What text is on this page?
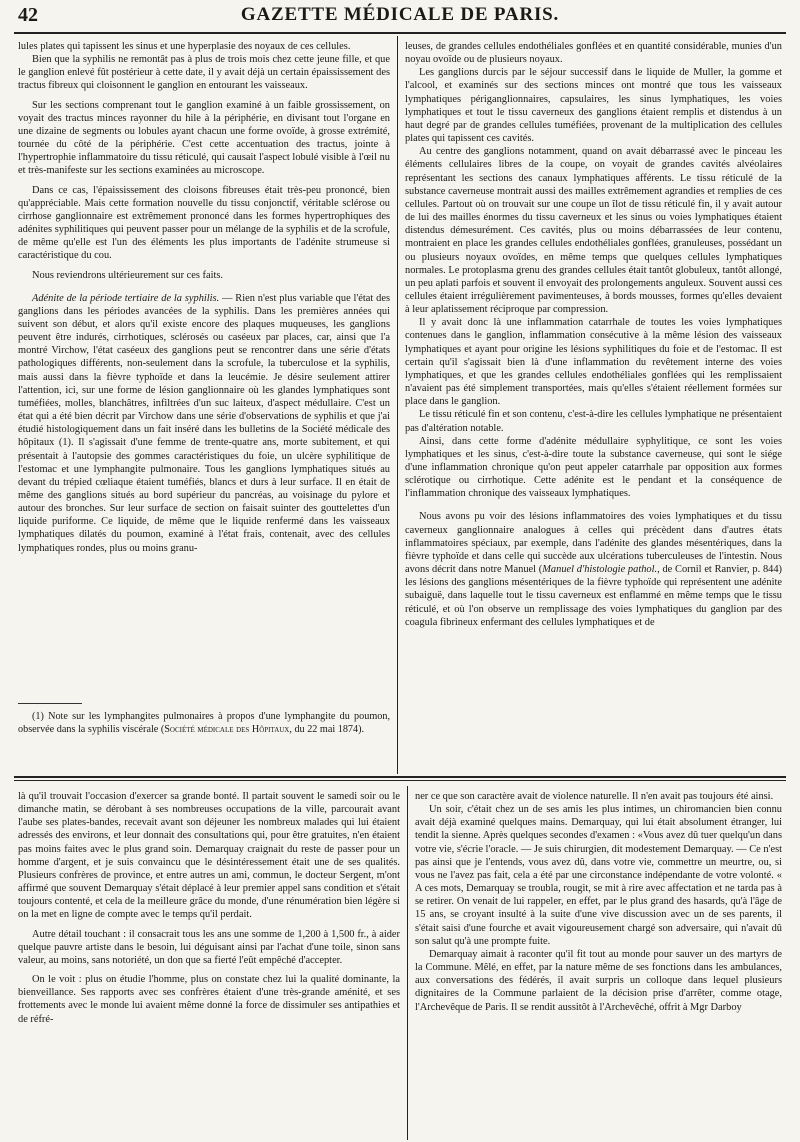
42	GAZETTE MÉDICALE DE PARIS.

lules plates qui tapissent les sinus et une hyperplasie des noyaux de ces cellules.

Bien que la syphilis ne remontât pas à plus de trois mois chez cette jeune fille, et que le ganglion enlevé fût postérieur à cette date, il y avait déjà un certain épaississement des tractus fibreux qui cloisonnent le ganglion en entourant les vaisseaux.

Sur les sections comprenant tout le ganglion examiné à un faible grossissement, on voyait des tractus minces rayonner du hile à la périphérie, en divisant tout l'organe en une dizaine de segments ou lobules ayant chacun une forme ovoïde, à grosse extrémité, tournée du côté de la périphérie. C'est cette accentuation des tractus, jointe à l'hypertrophie inflammatoire du tissu réticulé, qui causait l'aspect lobulé visible à l'œil nu et très-manifeste sur les sections examinées au microscope.

Dans ce cas, l'épaississement des cloisons fibreuses était très-peu prononcé, bien qu'appréciable. Mais cette formation nouvelle du tissu conjonctif, véritable sclérose ou cirrhose ganglionnaire est extrêmement prononcé dans les formes hypertrophiques des adénites syphilitiques qui peuvent passer pour un mélange de la syphilis et de la scrofule, de même qu'elle est l'un des éléments les plus importants de l'adénite strumeuse si caractéristique du cou.

Nous reviendrons ultérieurement sur ces faits.

Adénite de la période tertiaire de la syphilis. — Rien n'est plus variable que l'état des ganglions dans les périodes avancées de la syphilis. Dans les premières années qui suivent son début, et alors qu'il existe encore des plaques muqueuses, les ganglions peuvent être indurés, cirrhotiques, sclérosés ou caséeux par places, car, ainsi que l'a montré Virchow, l'état caséeux des ganglions peut se rencontrer dans une série d'états pathologiques différents, non-seulement dans la scrofule, la tuberculose et la syphilis, mais aussi dans la fièvre typhoïde et dans la leucémie. Je désire seulement attirer l'attention, ici, sur une forme de lésion ganglionnaire où les glandes lymphatiques sont tuméfiées, molles, blanchâtres, infiltrées d'un suc laiteux, d'aspect médullaire. C'est un état qui a été bien décrit par Virchow dans une série d'observations de syphilis et que j'ai étudié histologiquement dans un fait inséré dans les bulletins de la Société médicale des hôpitaux (1). Il s'agissait d'une femme de trente-quatre ans, morte subitement, et qui présentait à l'autopsie des gommes caractéristiques du foie, un ulcère syphilitique de l'estomac et une lymphangite pulmonaire. Tous les ganglions lymphatiques situés au devant du trépied cœliaque étaient tuméfiés, blancs et durs à leur surface. Il en était de même des ganglions situés au bord supérieur du pancréas, au voisinage du pylore et autour des bronches. Sur leur surface de section on faisait suinter des gouttelettes d'un liquide puriforme. Ce liquide, de même que le liquide renfermé dans les vaisseaux lymphatiques dilatés du poumon, examiné à l'état frais, contenait, avec des cellules lymphatiques rondes, plus ou moins granu-

(1) Note sur les lymphangites pulmonaires à propos d'une lymphangite du poumon, observée dans la syphilis viscérale (Société médicale des Hôpitaux, du 22 mai 1874).

leuses, de grandes cellules endothéliales gonflées et en quantité considérable, munies d'un noyau ovoïde ou de plusieurs noyaux.

Les ganglions durcis par le séjour successif dans le liquide de Muller, la gomme et l'alcool, et examinés sur des sections minces ont montré que tous les vaisseaux lymphatiques périganglionnaires, capsulaires, les sinus lymphatiques, les voies lymphatiques et tout le tissu caverneux des ganglions étaient remplis et distendus à un haut degré par de grandes cellules tuméfiées, provenant de la multiplication des cellules plates qui tapissent ces cavités.

Au centre des ganglions notamment, quand on avait débarrassé avec le pinceau les éléments cellulaires libres de la coupe, on voyait de grandes cavités alvéolaires représentant les sections des canaux lymphatiques afférents. Le tissu réticulé de la substance caverneuse montrait aussi des mailles extrêmement agrandies et remplies de ces cellules. Partout où on trouvait sur une coupe un îlot de tissu réticulé fin, il y avait autour de lui des mailles énormes du tissu caverneux et les sinus ou voies lymphatiques étaient distendus démesurément. Ces cavités, plus ou moins débarrassées de leur contenu, montraient en place les grandes cellules endothéliales gonflées, granuleuses, possédant un ou plusieurs noyaux ovoïdes, en même temps que quelques cellules lymphatiques normales. Le protoplasma grenu des grandes cellules était tantôt globuleux, tantôt allongé, un peu aplati parfois et souvent il envoyait des prolongements anguleux. Souvent aussi ces cellules étaient irrégulièrement pavimenteuses, à bords mousses, formes qu'elles devaient à leur aplatissement réciproque par compression.

Il y avait donc là une inflammation catarrhale de toutes les voies lymphatiques contenues dans le ganglion, inflammation consécutive à la même lésion des vaisseaux lymphatiques et ayant pour origine les lésions syphilitiques du foie et de l'estomac. Il est certain qu'il s'agissait bien là d'une inflammation du revêtement interne des voies lymphatiques, et que les grandes cellules endothéliales gonflées qui les remplissaient n'avaient pas été simplement transportées, mais qu'elles s'étaient réellement formées sur place dans le ganglion.

Le tissu réticulé fin et son contenu, c'est-à-dire les cellules lymphatique ne présentaient pas d'altération notable.

Ainsi, dans cette forme d'adénite médullaire syphylitique, ce sont les voies lymphatiques et les sinus, c'est-à-dire toute la substance caverneuse, qui sont le siége d'une inflammation chronique qu'on peut appeler catarrhale par opposition aux formes sclérotique ou cirrhotique. Cette adénite est le pendant et la conséquence de l'inflammation chronique des vaisseaux lymphatiques.

Nous avons pu voir des lésions inflammatoires des voies lymphatiques et du tissu caverneux ganglionnaire analogues à celles qui précèdent dans d'autres états inflammatoires spéciaux, par exemple, dans l'adénite des glandes mésentériques, dans la fièvre typhoïde et dans celle qui succède aux ulcérations tuberculeuses de l'intestin. Nous avons décrit dans notre Manuel (Manuel d'histologie pathol., de Cornil et Ranvier, p. 844) les lésions des ganglions mésentériques de la fièvre typhoïde qui représentent une adénite subaiguë, dans laquelle tout le tissu caverneux est enflammé en même temps que le tissu réticulé, et où l'on observe un remplissage des voies lymphatiques du ganglion par des coagula fibrineux enfermant des cellules lymphatiques et de

là qu'il trouvait l'occasion d'exercer sa grande bonté. Il partait souvent le samedi soir ou le dimanche matin, se dérobant à ses nombreuses occupations de la ville, parcourait avant l'aube ses plates-bandes, recevait avant son déjeuner les nombreux malades qui lui étaient adressés des environs, et leur donnait des consultations qui, pour être gratuites, n'en étaient pas moins faites avec le plus grand soin. Demarquay craignait du reste de passer pour un homme d'argent, et je suis convaincu que le désintéressement était une de ses qualités. Plusieurs confrères de province, et entre autres un ami, commun, le docteur Sergent, m'ont affirmé que souvent Demarquay s'était déplacé à leur premier appel sans condition et s'était toujours contenté, et cela de la meilleure grâce du monde, d'une rénumération bien légère si on la met en ligne de compte avec le temps qu'il perdait.

Autre détail touchant : il consacrait tous les ans une somme de 1,200 à 1,500 fr., à aider quelque pauvre artiste dans le besoin, lui déguisant ainsi par l'achat d'une toile, sinon sans valeur, au moins, sans notoriété, un don que sa fierté l'eût empêché d'accepter.

On le voit : plus on étudie l'homme, plus on constate chez lui la qualité dominante, la bienveillance. Ses rapports avec ses confrères étaient d'une très-grande aménité, et ses frottements avec le monde lui avaient même donné la force de dissimuler ses antipathies et de réfré-

ner ce que son caractère avait de violence naturelle. Il n'en avait pas toujours été ainsi.

Un soir, c'était chez un de ses amis les plus intimes, un chiromancien bien connu avait déjà examiné quelques mains. Demarquay, qui lui était absolument étranger, lui tendit la sienne. Après quelques secondes d'examen : «Vous avez dû tuer quelqu'un dans votre vie, s'écrie l'oracle. — Je suis chirurgien, dit modestement Demarquay. — Ce n'est pas ainsi que je l'entends, vous avez dû, dans votre vie, commettre un meurtre, ou, si vous ne l'avez pas fait, cela a été par une circonstance indépendante de votre volonté. « A ces mots, Demarquay se troubla, rougit, se mit à rire avec affectation et ne tarda pas à se retirer. On venait de lui rappeler, en effet, par le plus grand des hasards, qu'à l'âge de 15 ans, se croyant insulté à la suite d'une vive discussion avec un de ses parents, il s'était saisi d'une fourche et avait vigoureusement chargé son adversaire, qui n'avait dû son salut qu'à une prompte fuite.

Demarquay aimait à raconter qu'il fit tout au monde pour sauver un des martyrs de la Commune. Mêlé, en effet, par la nature même de ses fonctions dans les ambulances, aux conversations des fédérés, il avait surpris un colloque dans lequel plusieurs dignitaires de la Commune parlaient de la décision prise d'arrêter, comme otage, l'Archevêque de Paris. Il se rendit aussitôt à l'Archevêché, offrit à Mgr Darboy
